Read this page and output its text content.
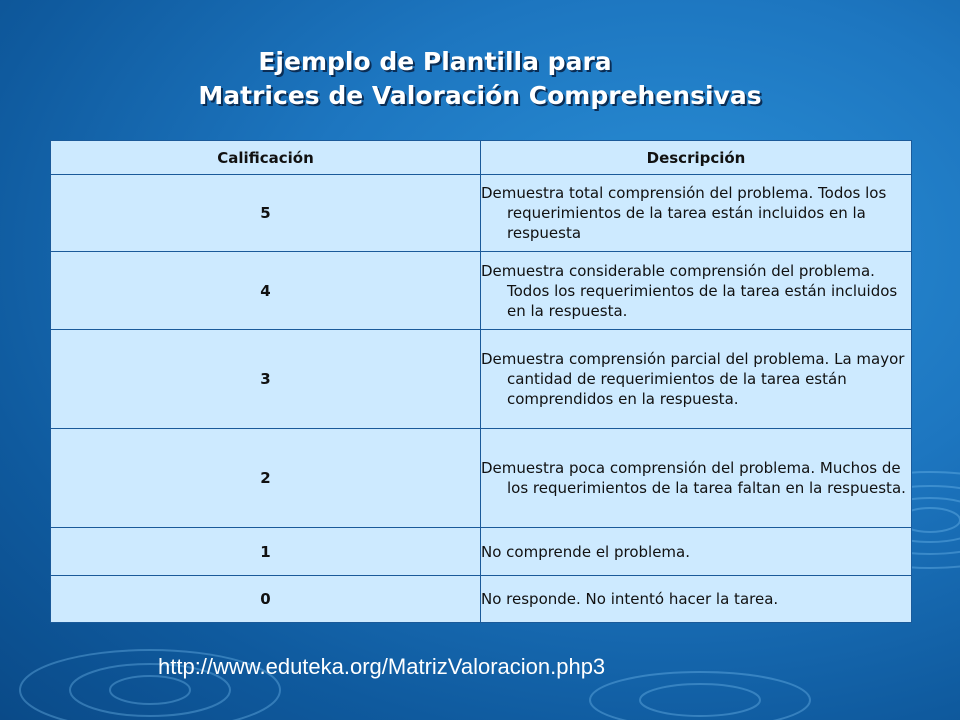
Ejemplo de Plantilla para
Matrices de Valoración Comprehensivas
Calificación	Descripción
5	Demuestra total comprensión del problema. Todos los requerimientos de la tarea están incluidos en la respuesta

4	Demuestra considerable comprensión del problema. Todos los requerimientos de la tarea están incluidos en la respuesta.

3	Demuestra comprensión parcial del problema. La mayor cantidad de requerimientos de la tarea están comprendidos en la respuesta.

2	Demuestra poca comprensión del problema. Muchos de los requerimientos de la tarea faltan en la respuesta.

1	No comprende el problema.

0	No responde. No intentó hacer la tarea.
http://www.eduteka.org/MatrizValoracion.php3
